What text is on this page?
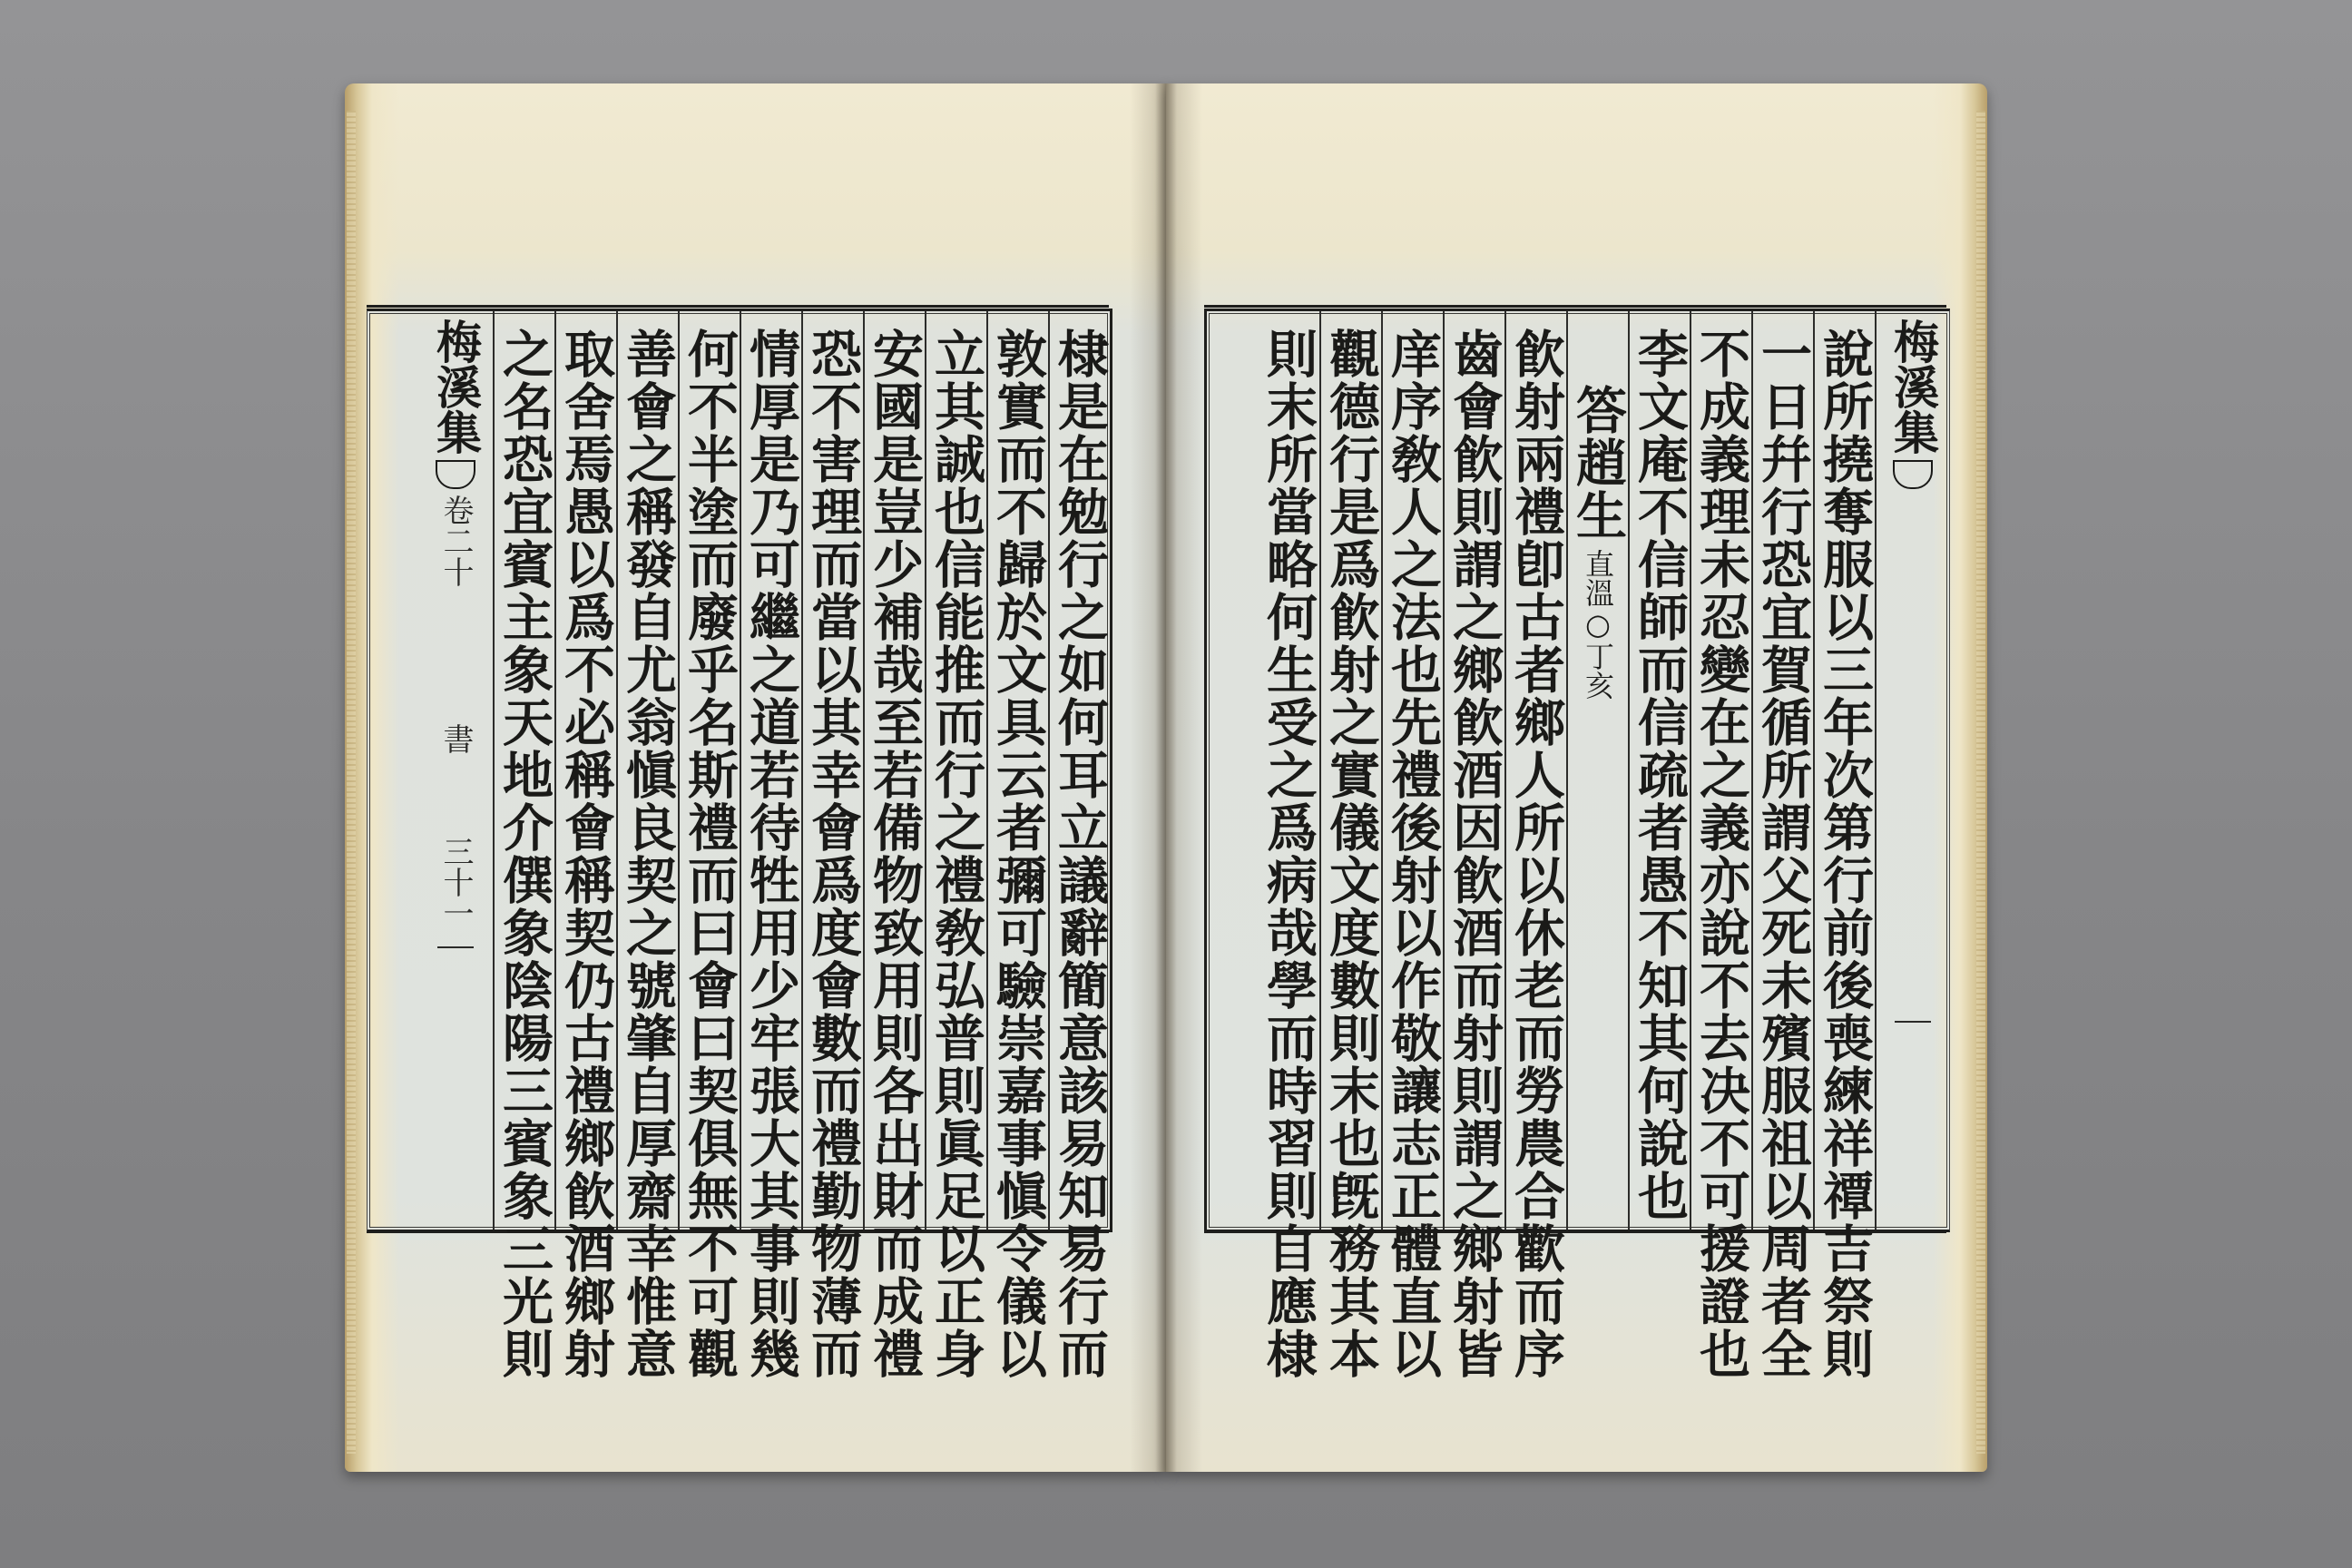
棣是在勉行之如何耳立議辭簡意該易知易行而
敦實而不歸於文具云者彌可驗崇嘉事愼令儀以
立其誠也信能推而行之禮敎弘普則眞足以正身
安國是豈少補哉至若備物致用則各出財而成禮
恐不害理而當以其幸會爲度會數而禮勤物薄而
情厚是乃可繼之道若待牲用少牢張大其事則幾
何不半塗而廢乎名斯禮而曰會曰契俱無不可觀
善會之稱發自尤翁愼良契之號肇自厚齋幸惟意
取舍焉愚以爲不必稱會稱契仍古禮鄉飮酒鄉射
之名恐宜賓主象天地介僎象陰陽三賓象三光則
梅溪集
卷二十
書
三十一
梅溪集
說所撓奪服以三年次第行前後喪練祥禫吉祭則
一日幷行恐宜賀循所謂父死未殯服祖以周者全
不成義理未忍變在之義亦說不去决不可援證也
李文庵不信師而信疏者愚不知其何說也
答趙生
直溫○丁亥
飮射兩禮卽古者鄉人所以休老而勞農合歡而序
齒會飮則謂之鄉飮酒因飮酒而射則謂之鄉射皆
庠序敎人之法也先禮後射以作敬讓志正體直以
觀德行是爲飮射之實儀文度數則末也旣務其本
則末所當略何生受之爲病哉學而時習則自應棣
